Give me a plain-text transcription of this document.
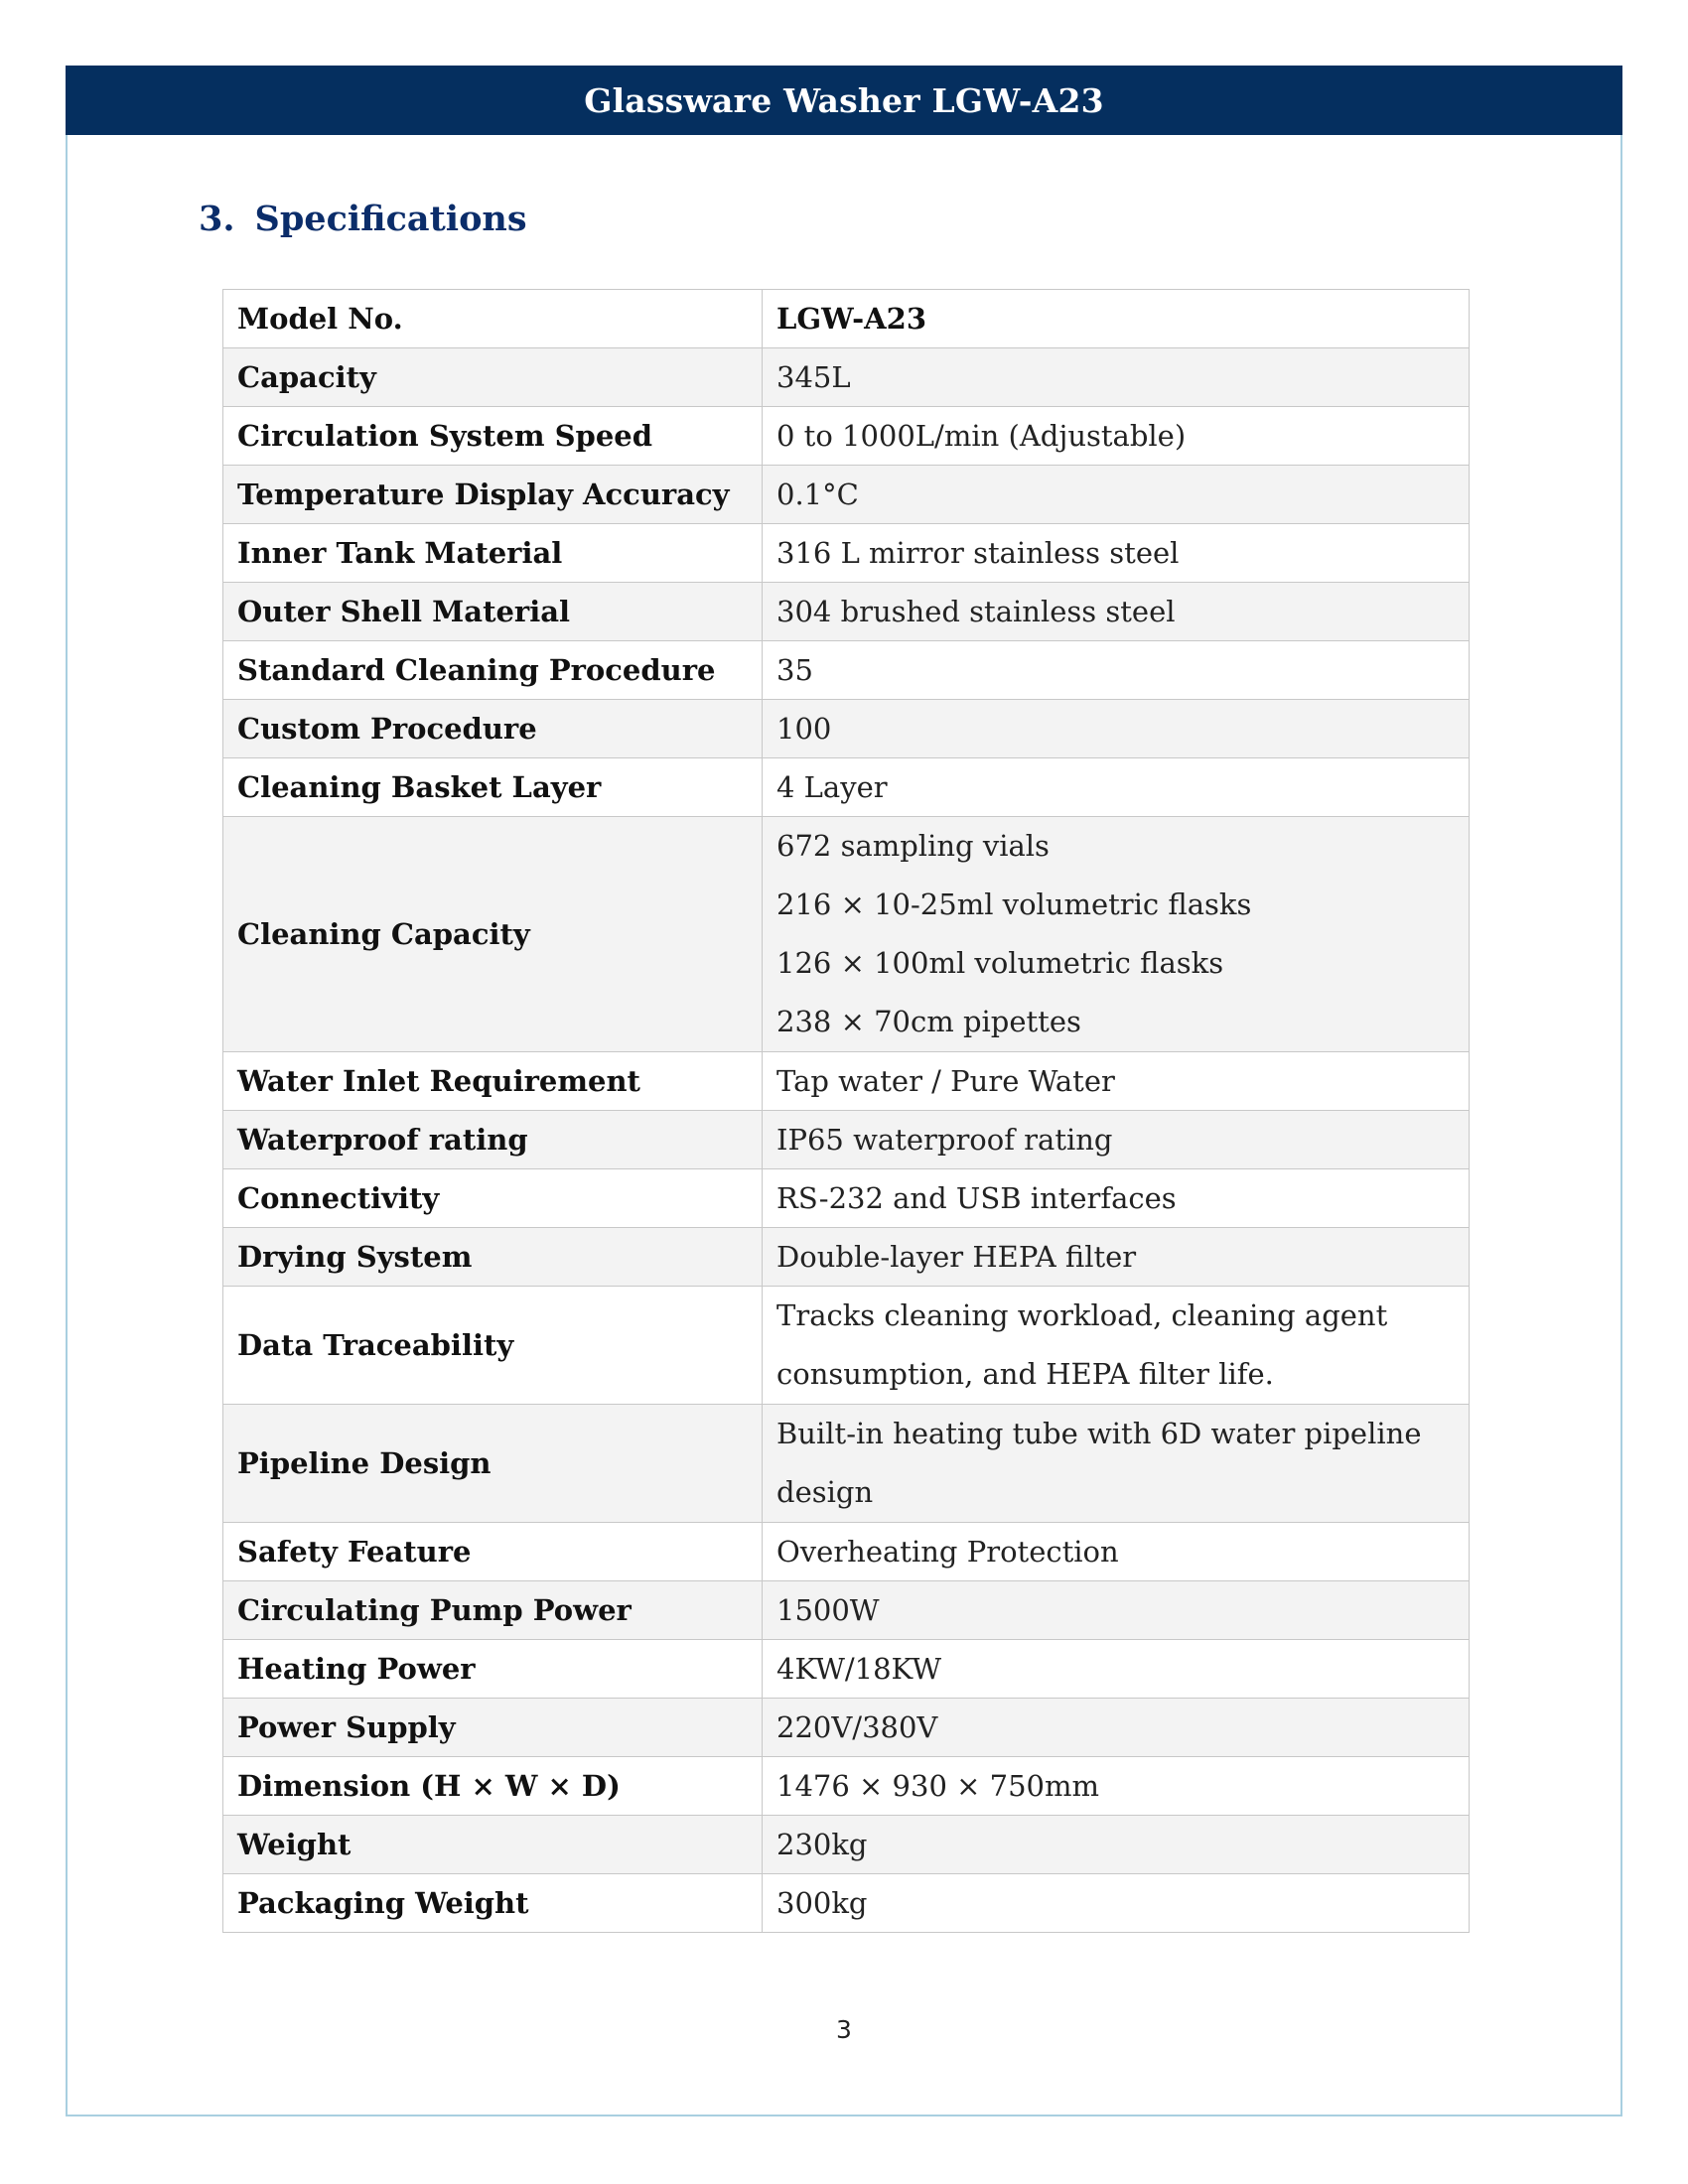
Glassware Washer LGW-A23
3. Specifications
Model No.	LGW-A23
Capacity	345L
Circulation System Speed	0 to 1000L/min (Adjustable)
Temperature Display Accuracy	0.1°C
Inner Tank Material	316 L mirror stainless steel
Outer Shell Material	304 brushed stainless steel
Standard Cleaning Procedure	35
Custom Procedure	100
Cleaning Basket Layer	4 Layer
Cleaning Capacity	672 sampling vials
216 × 10-25ml volumetric flasks
126 × 100ml volumetric flasks
238 × 70cm pipettes

Water Inlet Requirement	Tap water / Pure Water
Waterproof rating	IP65 waterproof rating
Connectivity	RS-232 and USB interfaces
Drying System	Double-layer HEPA filter
Data Traceability	Tracks cleaning workload, cleaning agent
consumption, and HEPA filter life.

Pipeline Design	Built-in heating tube with 6D water pipeline
design

Safety Feature	Overheating Protection
Circulating Pump Power	1500W
Heating Power	4KW/18KW
Power Supply	220V/380V
Dimension (H × W × D)	1476 × 930 × 750mm
Weight	230kg
Packaging Weight	300kg
3
